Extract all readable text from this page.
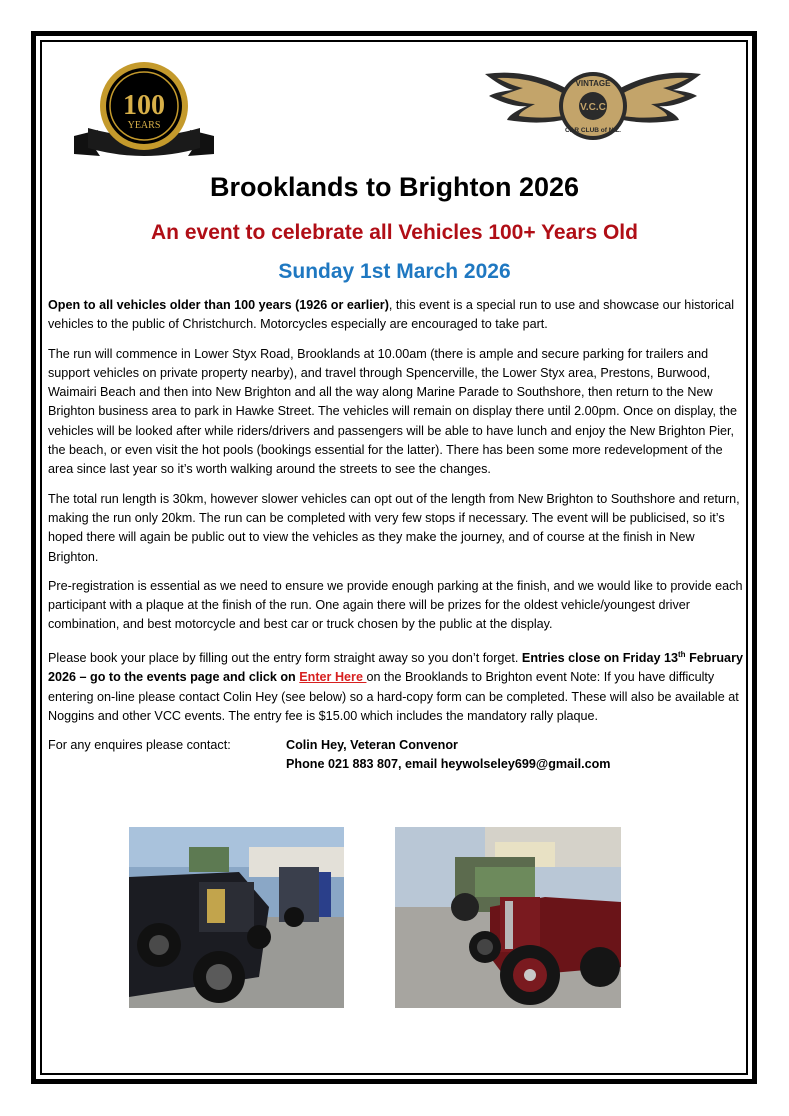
100
YEARS
VINTAGE
V.C.C
CAR CLUB of N.Z.
Brooklands to Brighton 2026
An event to celebrate all Vehicles 100+ Years Old
Sunday 1st March 2026

Open to all vehicles older than 100 years (1926 or earlier), this event is a special run to use and showcase our historical vehicles to the public of Christchurch. Motorcycles especially are encouraged to take part.

The run will commence in Lower Styx Road, Brooklands at 10.00am (there is ample and secure parking for trailers and support vehicles on private property nearby), and travel through Spencerville, the Lower Styx area, Prestons, Burwood, Waimairi Beach and then into New Brighton and all the way along Marine Parade to Southshore, then return to the New Brighton business area to park in Hawke Street. The vehicles will remain on display there until 2.00pm. Once on display, the vehicles will be looked after while riders/drivers and passengers will be able to have lunch and enjoy the New Brighton Pier, the beach, or even visit the hot pools (bookings essential for the latter). There has been some more redevelopment of the area since last year so it’s worth walking around the streets to see the changes.

The total run length is 30km, however slower vehicles can opt out of the length from New Brighton to Southshore and return, making the run only 20km. The run can be completed with very few stops if necessary. The event will be publicised, so it’s hoped there will again be public out to view the vehicles as they make the journey, and of course at the finish in New Brighton.

Pre-registration is essential as we need to ensure we provide enough parking at the finish, and we would like to provide each participant with a plaque at the finish of the run. One again there will be prizes for the oldest vehicle/youngest driver combination, and best motorcycle and best car or truck chosen by the public at the display.

Please book your place by filling out the entry form straight away so you don’t forget. Entries close on Friday 13th February 2026 – go to the events page and click on Enter Here on the Brooklands to Brighton event Note: If you have difficulty entering on-line please contact Colin Hey (see below) so a hard-copy form can be completed. These will also be available at Noggins and other VCC events. The entry fee is $15.00 which includes the mandatory rally plaque.

For any enquires please contact:	Colin Hey, Veteran Convenor
Phone 021 883 807, email heywolseley699@gmail.com
